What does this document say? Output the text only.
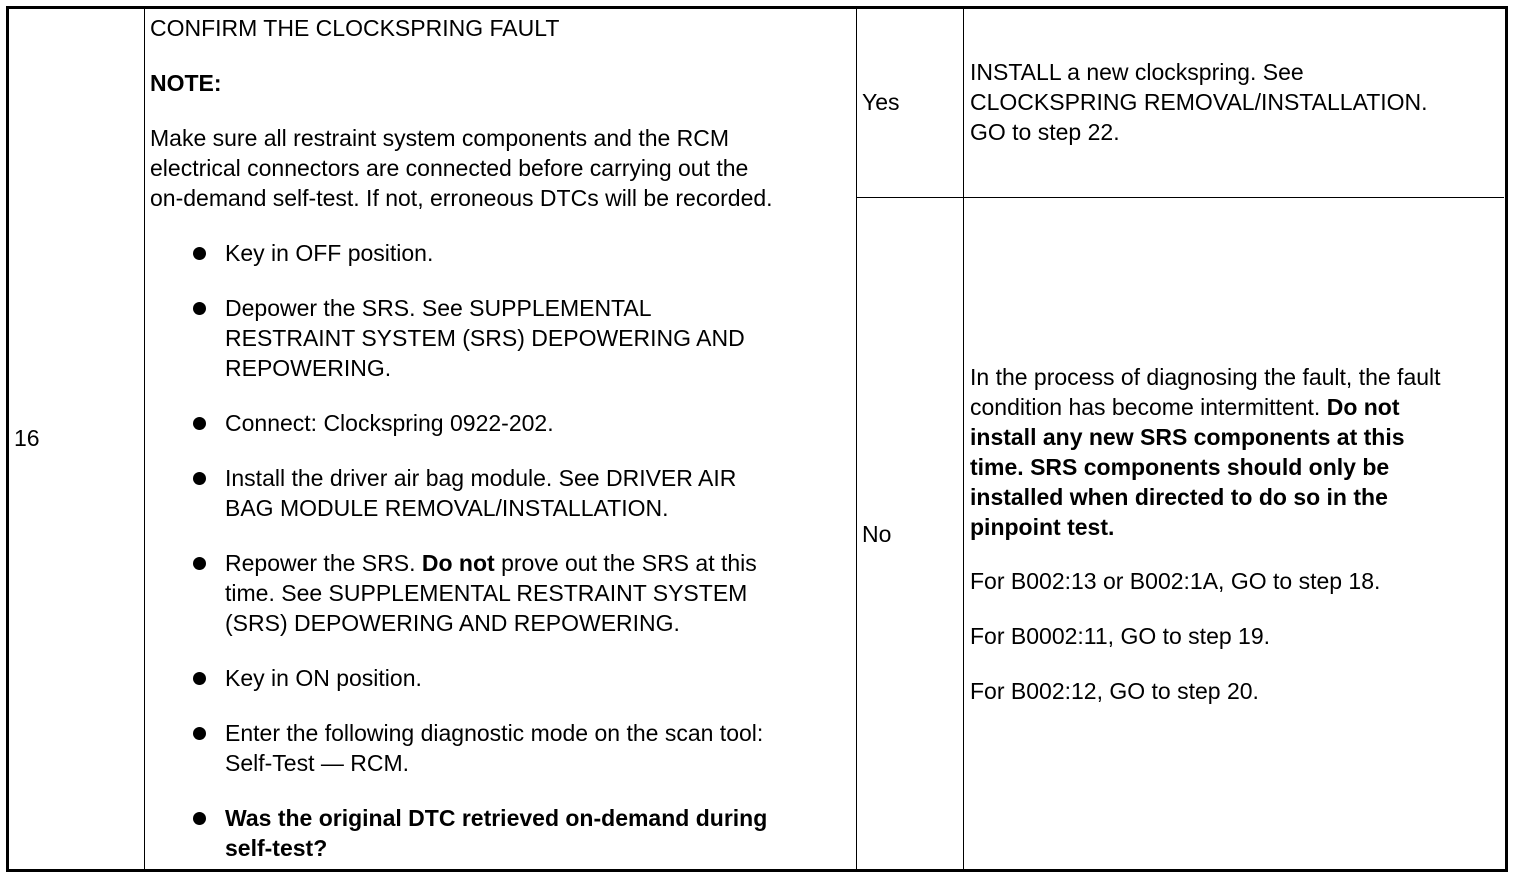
16
CONFIRM THE CLOCKSPRING FAULT
NOTE:
Make sure all restraint system components and the RCM
electrical connectors are connected before carrying out the
on-demand self-test. If not, erroneous DTCs will be recorded.
Key in OFF position.
Depower the SRS. See SUPPLEMENTAL
RESTRAINT SYSTEM (SRS) DEPOWERING AND
REPOWERING.
Connect: Clockspring 0922-202.
Install the driver air bag module. See DRIVER AIR
BAG MODULE REMOVAL/INSTALLATION.
Repower the SRS. Do not prove out the SRS at this
time. See SUPPLEMENTAL RESTRAINT SYSTEM
(SRS) DEPOWERING AND REPOWERING.
Key in ON position.
Enter the following diagnostic mode on the scan tool:
Self-Test — RCM.
Was the original DTC retrieved on-demand during
self-test?
Yes
INSTALL a new clockspring. See
CLOCKSPRING REMOVAL/INSTALLATION.
GO to step 22.
No
In the process of diagnosing the fault, the fault
condition has become intermittent. Do not
install any new SRS components at this
time. SRS components should only be
installed when directed to do so in the
pinpoint test.
For B002:13 or B002:1A, GO to step 18.
For B0002:11, GO to step 19.
For B002:12, GO to step 20.
